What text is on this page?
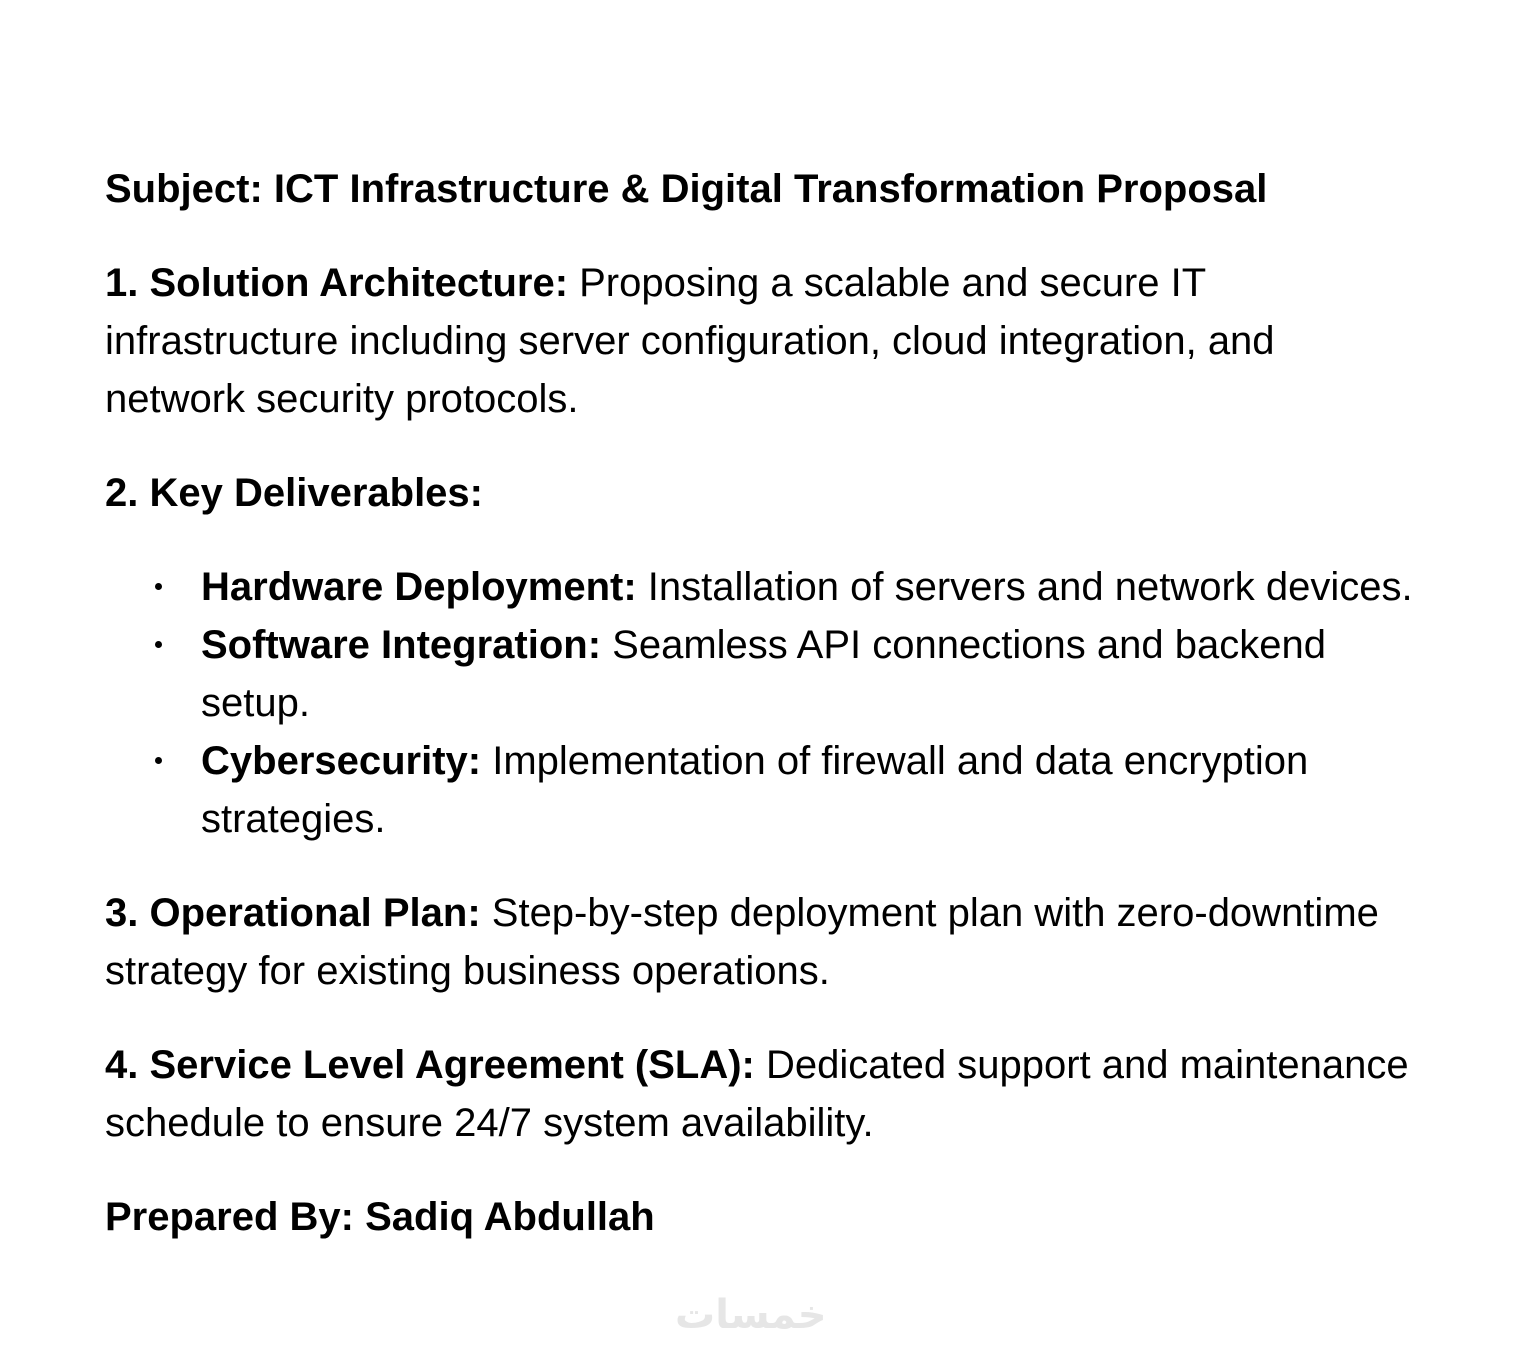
Subject: ICT Infrastructure & Digital Transformation Proposal

1. Solution Architecture: Proposing a scalable and secure IT infrastructure including server configuration, cloud integration, and network security protocols.

2. Key Deliverables:

Hardware Deployment: Installation of servers and network devices.
Software Integration: Seamless API connections and backend setup.
Cybersecurity: Implementation of firewall and data encryption strategies.

3. Operational Plan: Step-by-step deployment plan with zero-downtime strategy for existing business operations.

4. Service Level Agreement (SLA): Dedicated support and maintenance schedule to ensure 24/7 system availability.

Prepared By: Sadiq Abdullah

خمسات
